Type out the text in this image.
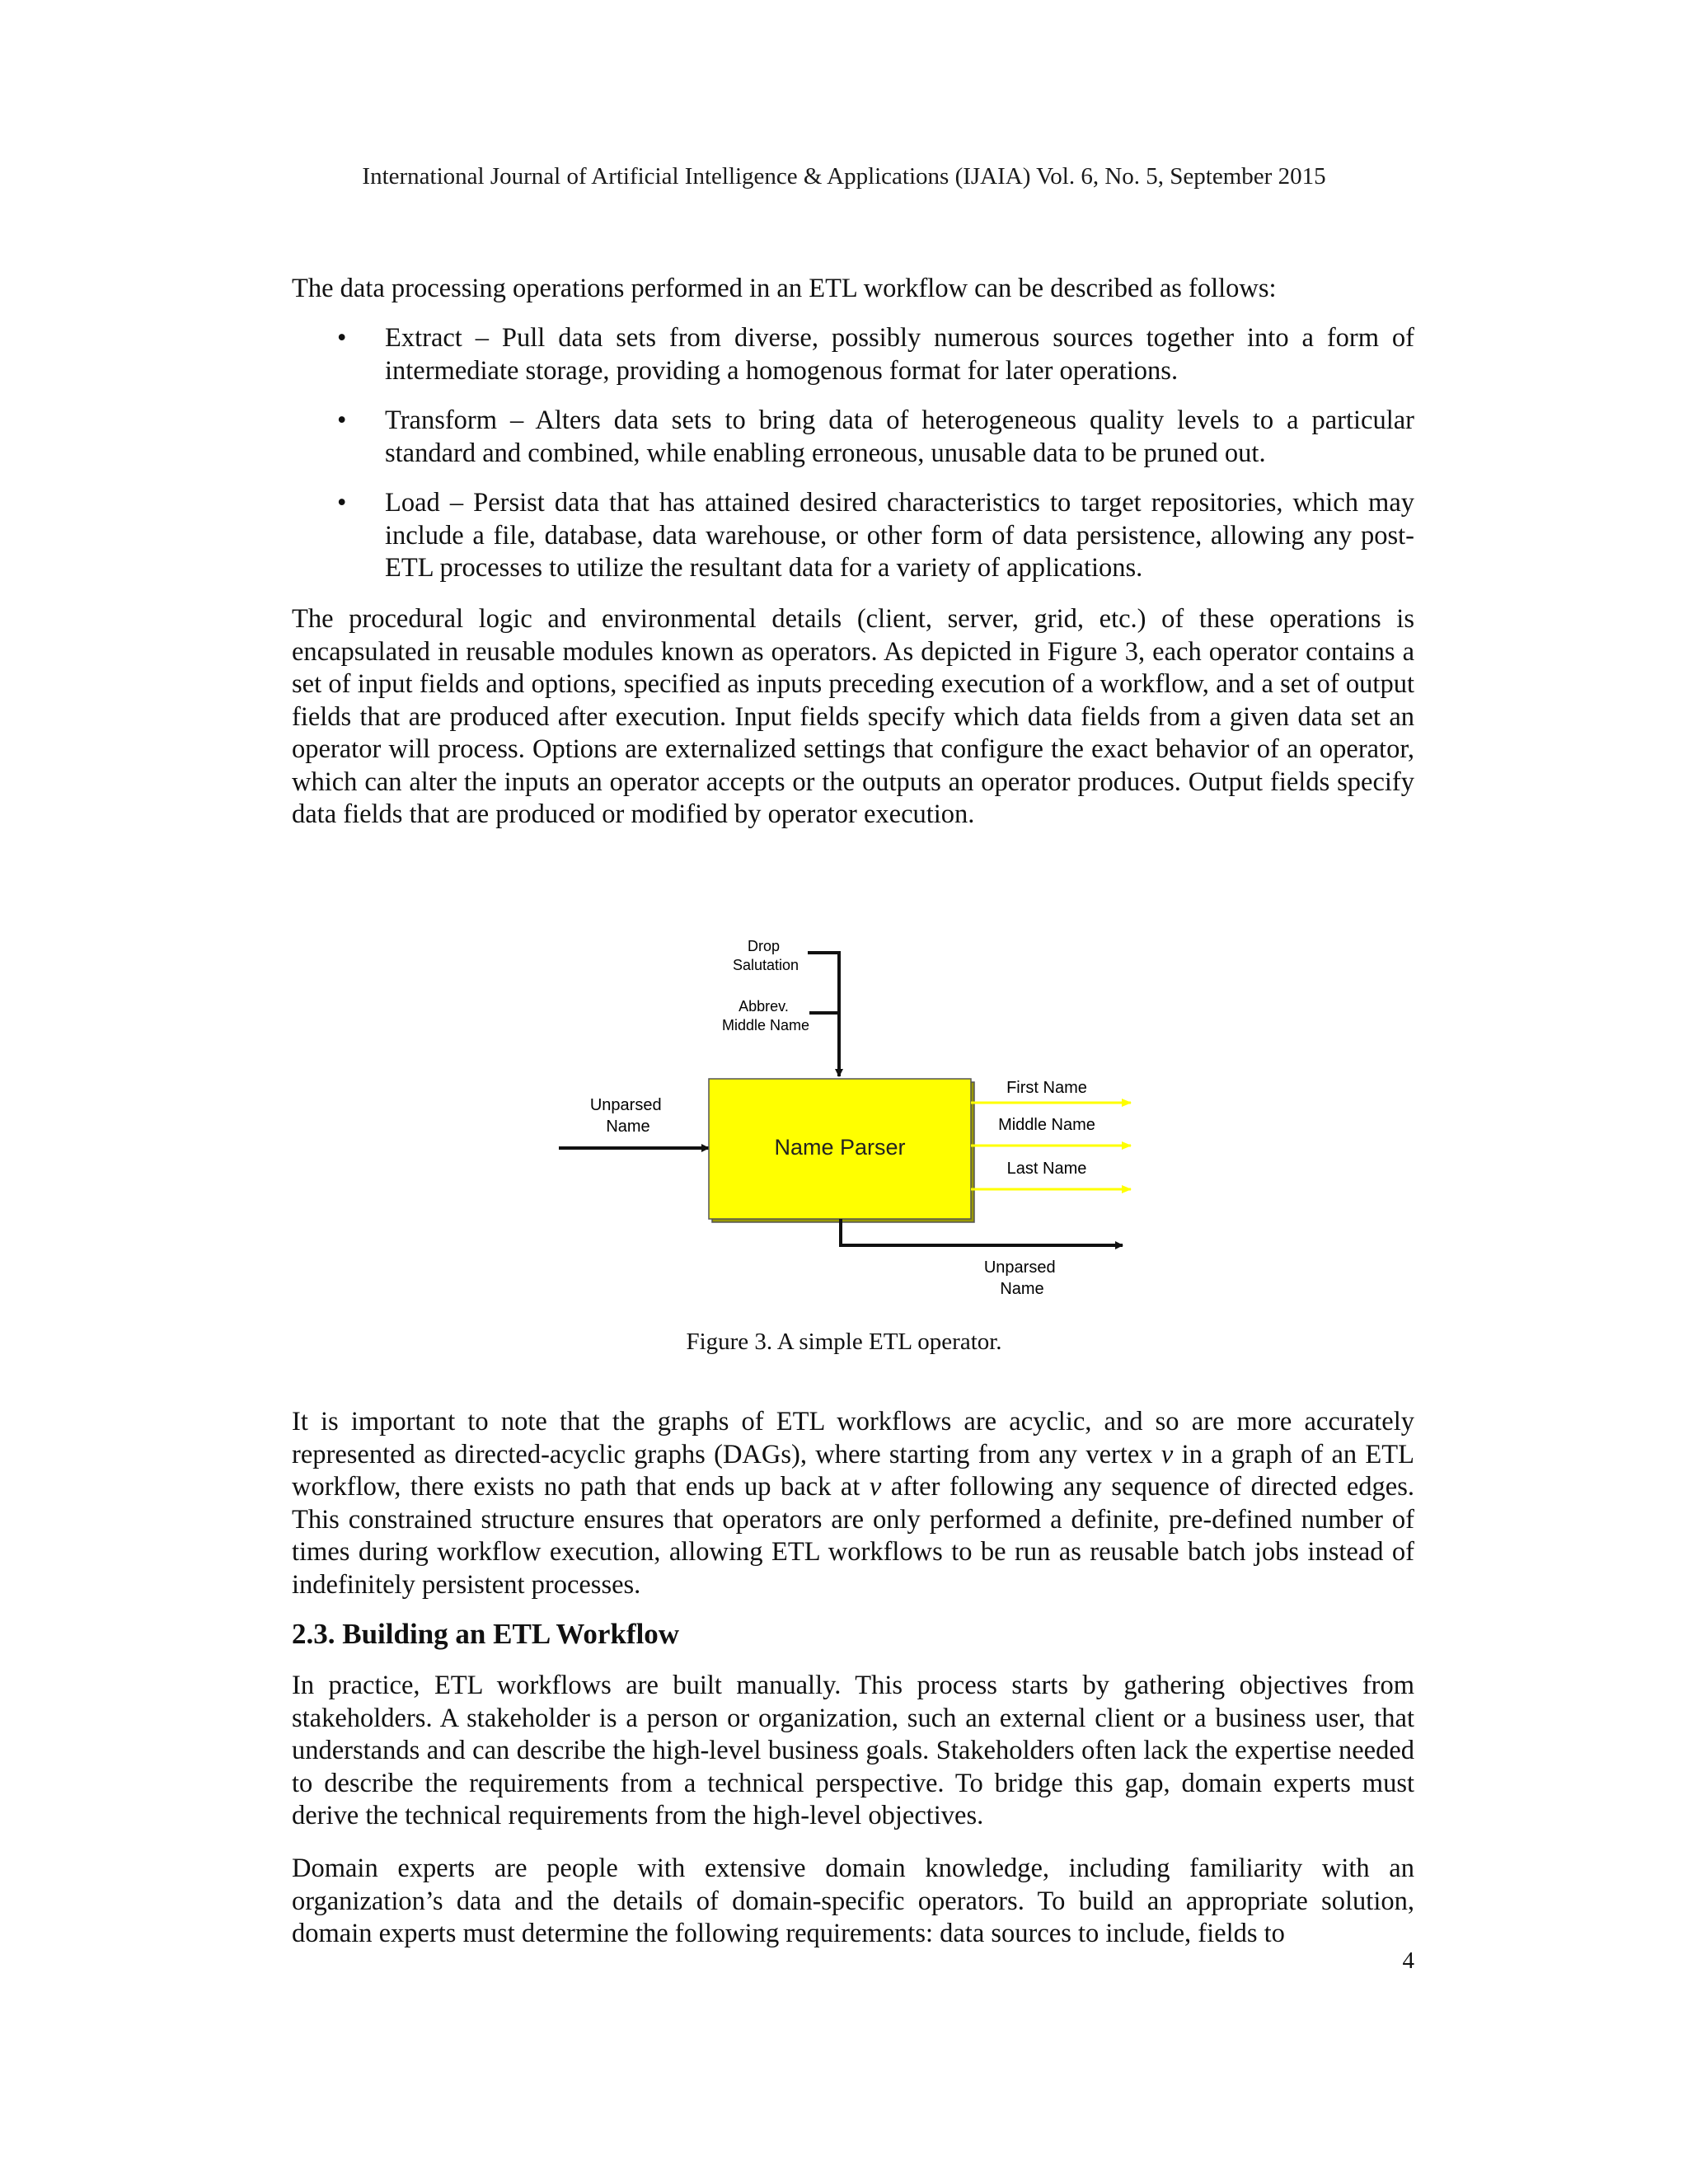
International Journal of Artificial Intelligence & Applications (IJAIA) Vol. 6, No. 5, September 2015
The data processing operations performed in an ETL workflow can be described as follows:
• Extract – Pull data sets from diverse, possibly numerous sources together into a form of intermediate storage, providing a homogenous format for later operations.
• Transform – Alters data sets to bring data of heterogeneous quality levels to a particular standard and combined, while enabling erroneous, unusable data to be pruned out.
• Load – Persist data that has attained desired characteristics to target repositories, which may include a file, database, data warehouse, or other form of data persistence, allowing any post-ETL processes to utilize the resultant data for a variety of applications.
The procedural logic and environmental details (client, server, grid, etc.) of these operations is encapsulated in reusable modules known as operators. As depicted in Figure 3, each operator contains a set of input fields and options, specified as inputs preceding execution of a workflow, and a set of output fields that are produced after execution. Input fields specify which data fields from a given data set an operator will process. Options are externalized settings that configure the exact behavior of an operator, which can alter the inputs an operator accepts or the outputs an operator produces. Output fields specify data fields that are produced or modified by operator execution.
Drop Salutation
Abbrev. Middle Name
Unparsed Name
Name Parser
First Name
Middle Name
Last Name
Unparsed Name
Figure 3. A simple ETL operator.
It is important to note that the graphs of ETL workflows are acyclic, and so are more accurately represented as directed-acyclic graphs (DAGs), where starting from any vertex v in a graph of an ETL workflow, there exists no path that ends up back at v after following any sequence of directed edges. This constrained structure ensures that operators are only performed a definite, pre-defined number of times during workflow execution, allowing ETL workflows to be run as reusable batch jobs instead of indefinitely persistent processes.
2.3. Building an ETL Workflow
In practice, ETL workflows are built manually. This process starts by gathering objectives from stakeholders. A stakeholder is a person or organization, such an external client or a business user, that understands and can describe the high-level business goals. Stakeholders often lack the expertise needed to describe the requirements from a technical perspective. To bridge this gap, domain experts must derive the technical requirements from the high-level objectives.
Domain experts are people with extensive domain knowledge, including familiarity with an organization’s data and the details of domain-specific operators. To build an appropriate solution, domain experts must determine the following requirements: data sources to include, fields to
4
